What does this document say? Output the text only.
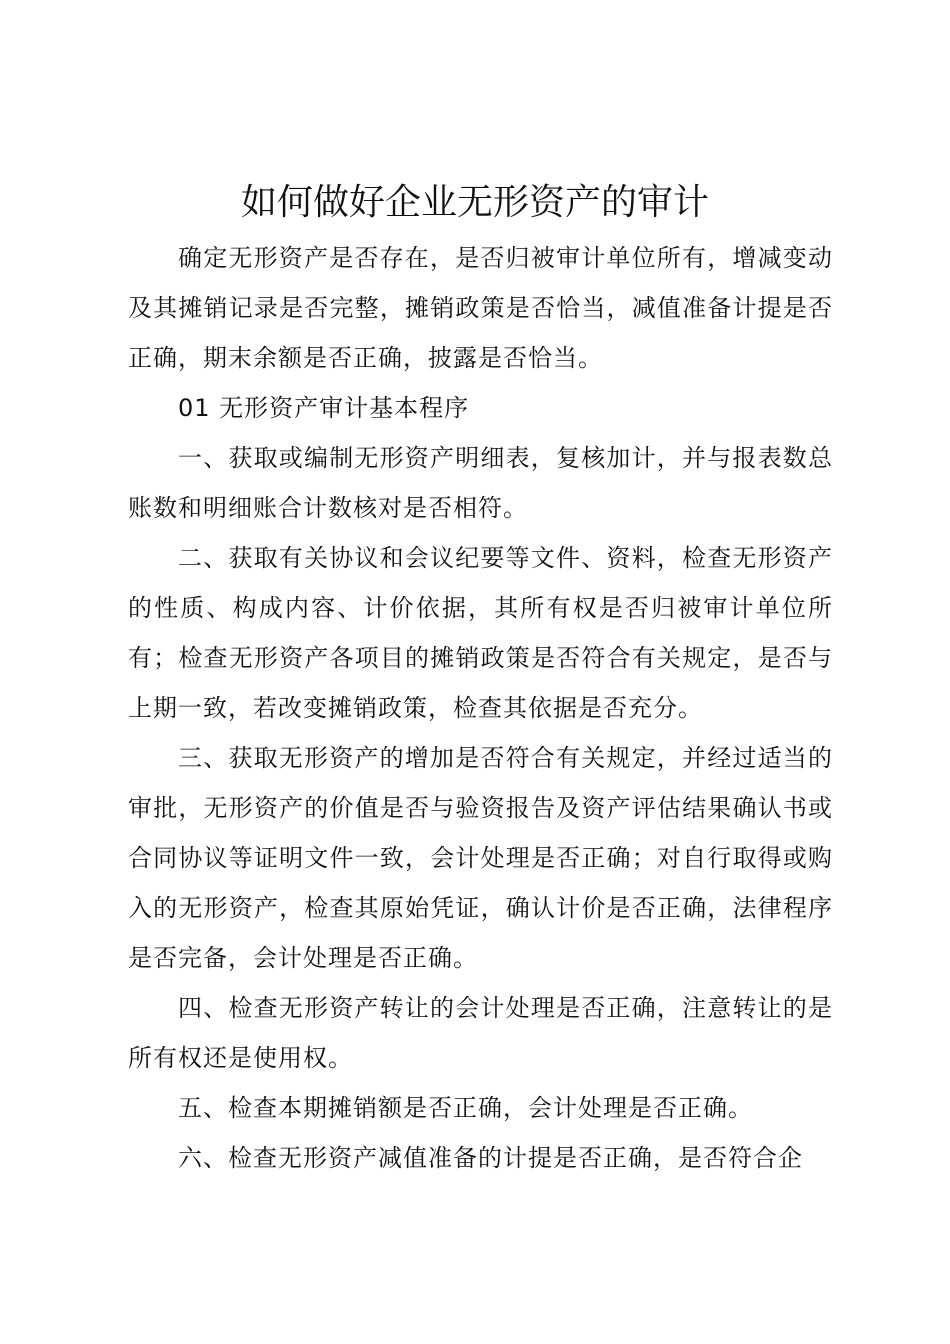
如何做好企业无形资产的审计

确定无形资产是否存在，是否归被审计单位所有，增减变动及其摊销记录是否完整，摊销政策是否恰当，减值准备计提是否正确，期末余额是否正确，披露是否恰当。

01 无形资产审计基本程序

一、获取或编制无形资产明细表，复核加计，并与报表数总账数和明细账合计数核对是否相符。

二、获取有关协议和会议纪要等文件、资料，检查无形资产的性质、构成内容、计价依据，其所有权是否归被审计单位所有；检查无形资产各项目的摊销政策是否符合有关规定，是否与上期一致，若改变摊销政策，检查其依据是否充分。

三、获取无形资产的增加是否符合有关规定，并经过适当的审批，无形资产的价值是否与验资报告及资产评估结果确认书或合同协议等证明文件一致，会计处理是否正确；对自行取得或购入的无形资产，检查其原始凭证，确认计价是否正确，法律程序是否完备，会计处理是否正确。

四、检查无形资产转让的会计处理是否正确，注意转让的是所有权还是使用权。

五、检查本期摊销额是否正确，会计处理是否正确。

六、检查无形资产减值准备的计提是否正确，是否符合企
